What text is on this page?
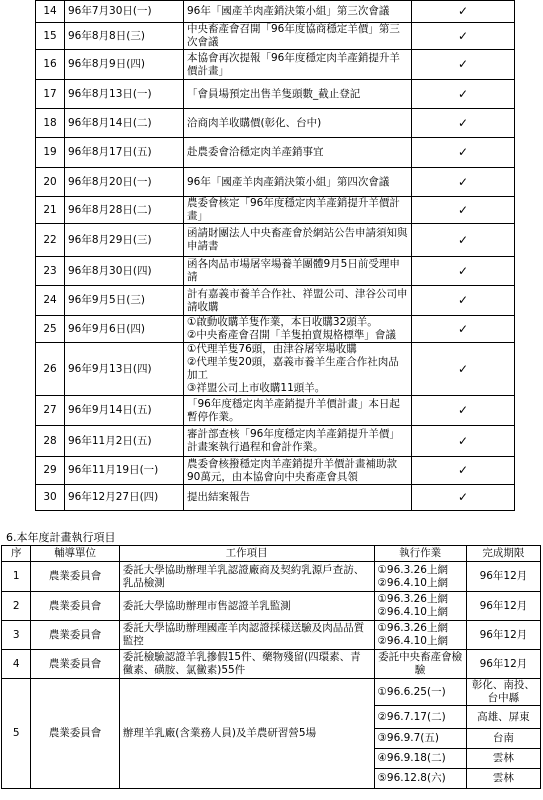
14	96年7月30日(一)	96年「國產羊肉產銷決策小組」第三次會議	✓
15	96年8月8日(三)	中央畜產會召開「96年度協商穩定羊價」第三次會議	✓
16	96年8月9日(四)	本協會再次提報「96年度穩定肉羊產銷提升羊價計畫」	✓
17	96年8月13日(一)	「會員場預定出售羊隻頭數_截止登記	✓
18	96年8月14日(二)	洽商肉羊收購價(彰化、台中)	✓
19	96年8月17日(五)	赴農委會洽穩定肉羊產銷事宜	✓
20	96年8月20日(一)	96年「國產羊肉產銷決策小組」第四次會議	✓
21	96年8月28日(二)	農委會核定「96年度穩定肉羊產銷提升羊價計畫」	✓
22	96年8月29日(三)	函請財團法人中央畜產會於網站公告申請須知與申請書	✓
23	96年8月30日(四)	函各肉品市場屠宰場養羊團體9月5日前受理申請	✓
24	96年9月5日(三)	計有嘉義市養羊合作社、祥盟公司、津谷公司申請收購	✓
25	96年9月6日(四)	①啟動收購羊隻作業，本日收購32頭羊。
②中央畜產會召開「羊隻拍賣規格標準」會議	✓
26	96年9月13日(四)	①代理羊隻76頭，由津谷屠宰場收購
②代理羊隻20頭，嘉義市養羊生產合作社肉品加工
③祥盟公司上市收購11頭羊。	✓
27	96年9月14日(五)	「96年度穩定肉羊產銷提升羊價計畫」本日起暫停作業。	✓
28	96年11月2日(五)	審計部查核「96年度穩定肉羊產銷提升羊價」計畫案執行過程和會計作業。	✓
29	96年11月19日(一)	農委會核撥穩定肉羊產銷提升羊價計畫補助款90萬元，由本協會向中央畜產會具領	✓
30	96年12月27日(四)	提出結案報告	✓
6.本年度計畫執行項目
序	輔導單位	工作項目	執行作業	完成期限
1	農業委員會	委託大學協助辦理羊乳認證廠商及契約乳源戶查訪、乳品檢測	①96.3.26上網
②96.4.10上網	96年12月
2	農業委員會	委託大學協助辦理市售認證羊乳監測	①96.3.26上網
②96.4.10上網	96年12月
3	農業委員會	委託大學協助辦理國產羊肉認證採樣送驗及肉品品質監控	①96.3.26上網
②96.4.10上網	96年12月
4	農業委員會	委託檢驗認證羊乳摻假15件、藥物殘留(四環素、青黴素、磺胺、氯黴素)55件	委託中央畜產會檢驗	96年12月
5	農業委員會	辦理羊乳廠(含業務人員)及羊農研習營5場	①96.6.25(一)	彰化、南投、台中縣
			②96.7.17(二)	高雄、屏東
			③96.9.7(五)	台南
			④96.9.18(二)	雲林
			⑤96.12.8(六)	雲林
